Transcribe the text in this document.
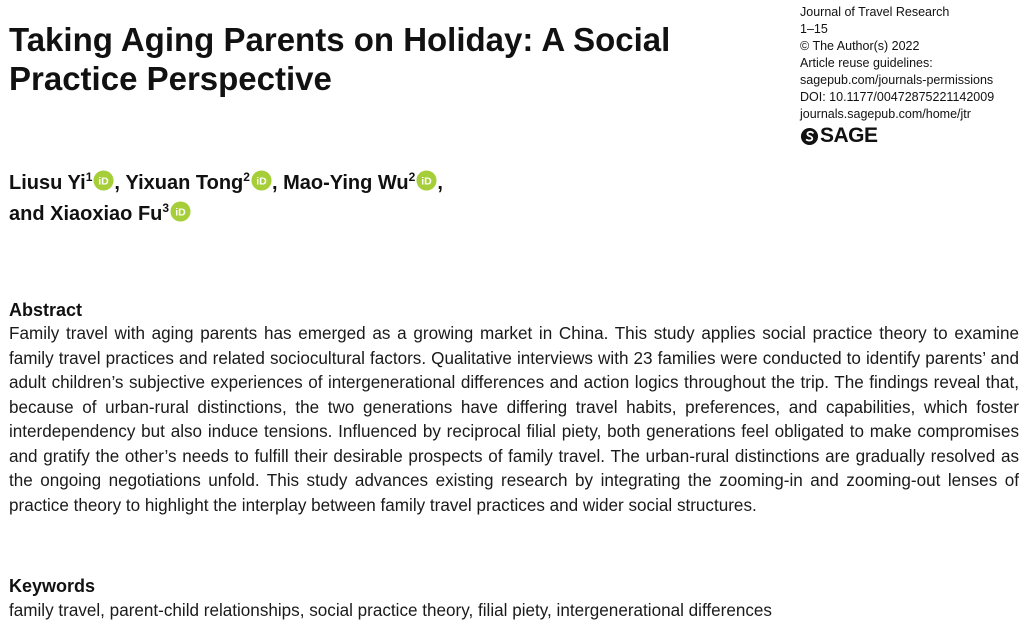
Taking Aging Parents on Holiday: A Social
Practice Perspective
Journal of Travel Research
1–15
© The Author(s) 2022
Article reuse guidelines:
sagepub.com/journals-permissions
DOI: 10.1177/00472875221142009
journals.sagepub.com/home/jtr
SAGE
Liusu Yi$^1$ iD , Yixuan Tong$^2$ iD , Mao-Ying Wu$^2$ iD ,
and Xiaoxiao Fu$^3$ iD
Abstract

Family travel with aging parents has emerged as a growing market in China. This study applies social practice theory to examine family travel practices and related sociocultural factors. Qualitative interviews with 23 families were conducted to identify parents’ and adult children’s subjective experiences of intergenerational differences and action logics throughout the trip. The findings reveal that, because of urban-rural distinctions, the two generations have differing travel habits, preferences, and capabilities, which foster interdependency but also induce tensions. Influenced by reciprocal filial piety, both generations feel obligated to make compromises and gratify the other’s needs to fulfill their desirable prospects of family travel. The urban-rural distinctions are gradually resolved as the ongoing negotiations unfold. This study advances existing research by integrating the zooming-in and zooming-out lenses of practice theory to highlight the interplay between family travel practices and wider social structures.

Keywords

family travel, parent-child relationships, social practice theory, filial piety, intergenerational differences
